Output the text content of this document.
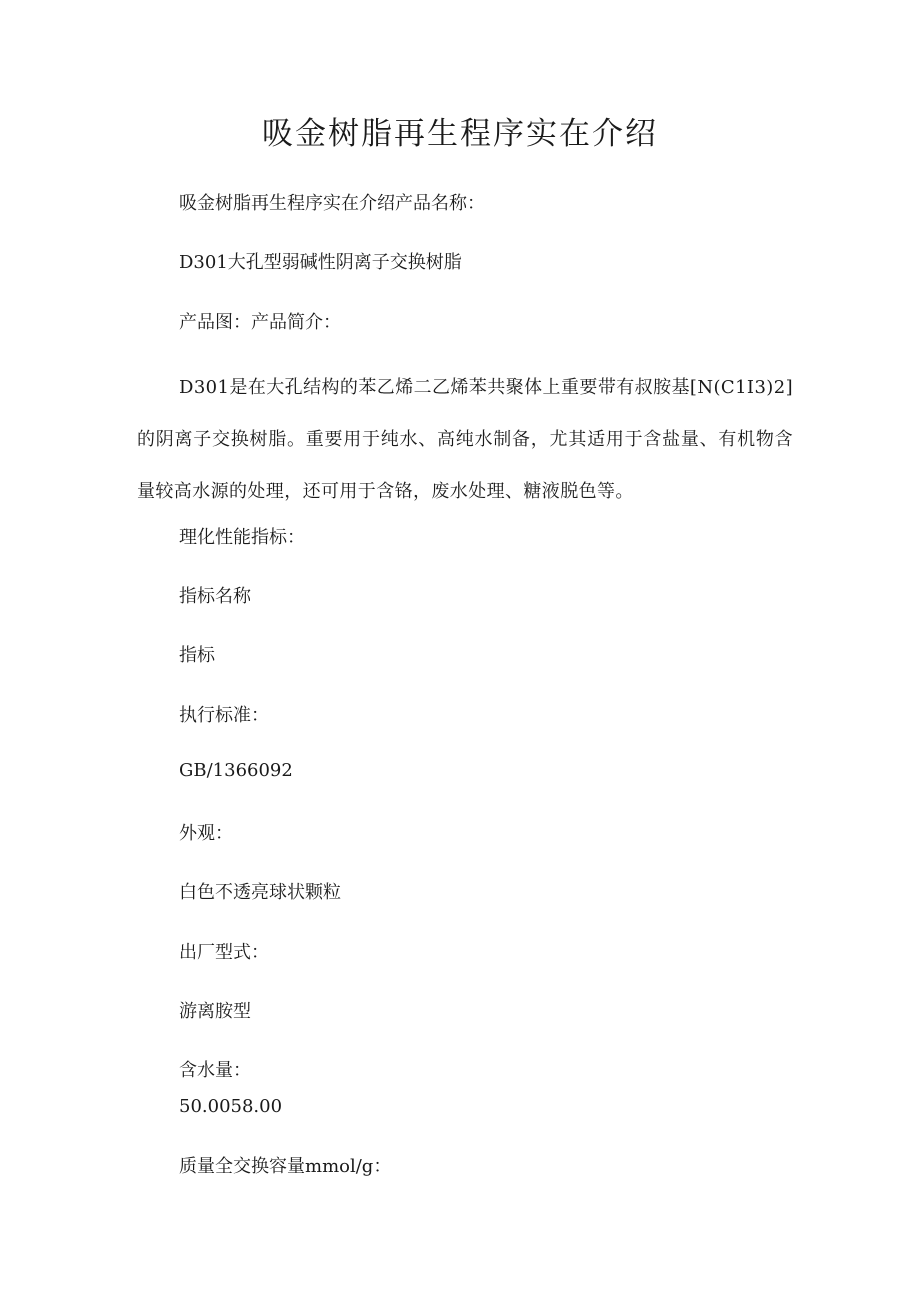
吸金树脂再生程序实在介绍

吸金树脂再生程序实在介绍产品名称：

D301大孔型弱碱性阴离子交换树脂

产品图：产品简介：

D301是在大孔结构的苯乙烯二乙烯苯共聚体上重要带有叔胺基[N(C1I3)2]的阴离子交换树脂。重要用于纯水、高纯水制备，尤其适用于含盐量、有机物含量较高水源的处理，还可用于含铬，废水处理、糖液脱色等。

理化性能指标：

指标名称

指标

执行标准：

GB/1366092

外观：

白色不透亮球状颗粒

出厂型式：

游离胺型

含水量：

50.0058.00

质量全交换容量mmol/g：
